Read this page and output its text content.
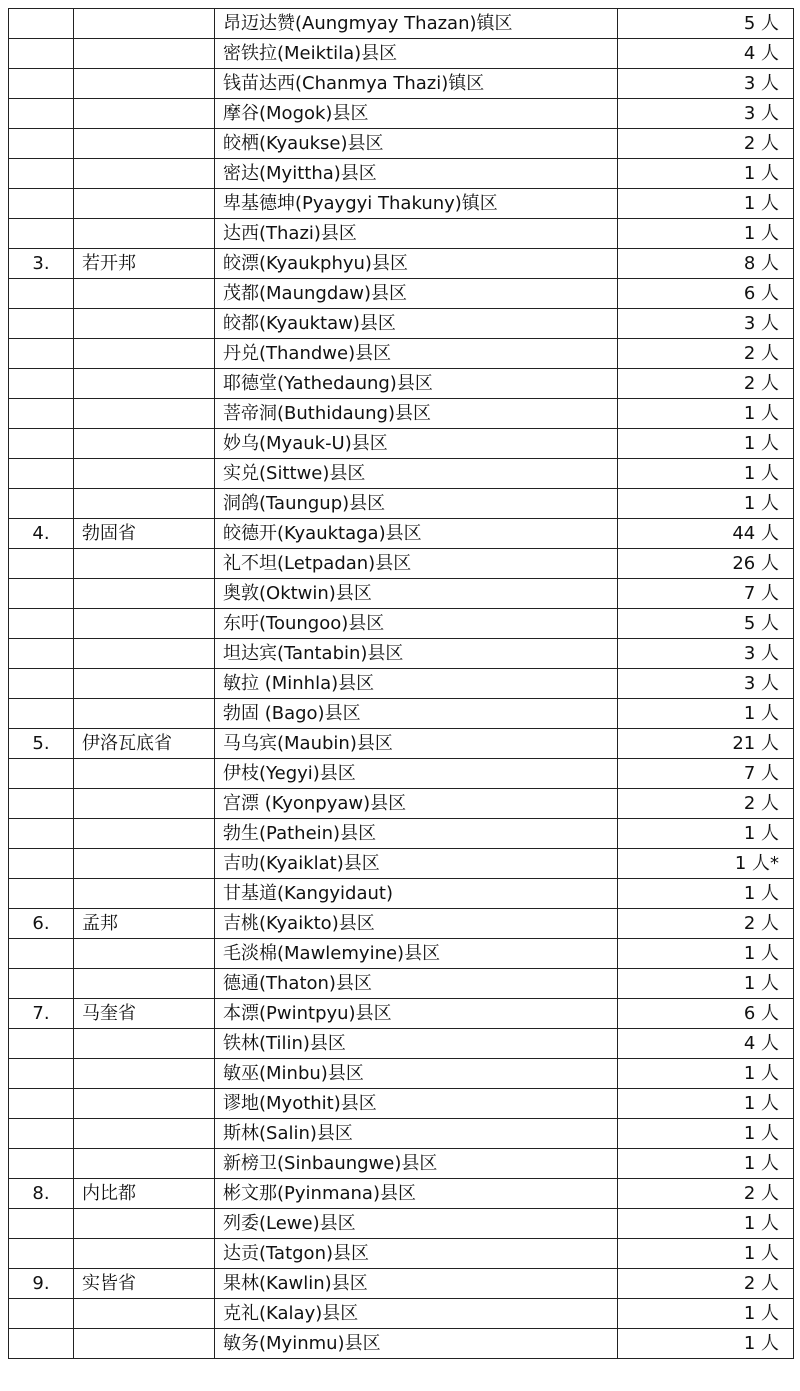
		昂迈达赞(Aungmyay Thazan)镇区	5 人
		密铁拉(Meiktila)县区	4 人
		钱苗达西(Chanmya Thazi)镇区	3 人
		摩谷(Mogok)县区	3 人
		皎栖(Kyaukse)县区	2 人
		密达(Myittha)县区	1 人
		卑基德坤(Pyaygyi Thakuny)镇区	1 人
		达西(Thazi)县区	1 人
3.	若开邦	皎漂(Kyaukphyu)县区	8 人
		茂都(Maungdaw)县区	6 人
		皎都(Kyauktaw)县区	3 人
		丹兑(Thandwe)县区	2 人
		耶德堂(Yathedaung)县区	2 人
		菩帝洞(Buthidaung)县区	1 人
		妙乌(Myauk-U)县区	1 人
		实兑(Sittwe)县区	1 人
		洞鸽(Taungup)县区	1 人
4.	勃固省	皎德开(Kyauktaga)县区	44 人
		礼不坦(Letpadan)县区	26 人
		奥敦(Oktwin)县区	7 人
		东吁(Toungoo)县区	5 人
		坦达宾(Tantabin)县区	3 人
		敏拉 (Minhla)县区	3 人
		勃固 (Bago)县区	1 人
5.	伊洛瓦底省	马乌宾(Maubin)县区	21 人
		伊枝(Yegyi)县区	7 人
		宫漂 (Kyonpyaw)县区	2 人
		勃生(Pathein)县区	1 人
		吉叻(Kyaiklat)县区	1 人*
		甘基道(Kangyidaut)	1 人
6.	孟邦	吉桃(Kyaikto)县区	2 人
		毛淡棉(Mawlemyine)县区	1 人
		德通(Thaton)县区	1 人
7.	马奎省	本漂(Pwintpyu)县区	6 人
		铁林(Tilin)县区	4 人
		敏巫(Minbu)县区	1 人
		谬地(Myothit)县区	1 人
		斯林(Salin)县区	1 人
		新榜卫(Sinbaungwe)县区	1 人
8.	内比都	彬文那(Pyinmana)县区	2 人
		列委(Lewe)县区	1 人
		达贡(Tatgon)县区	1 人
9.	实皆省	果林(Kawlin)县区	2 人
		克礼(Kalay)县区	1 人
		敏务(Myinmu)县区	1 人
